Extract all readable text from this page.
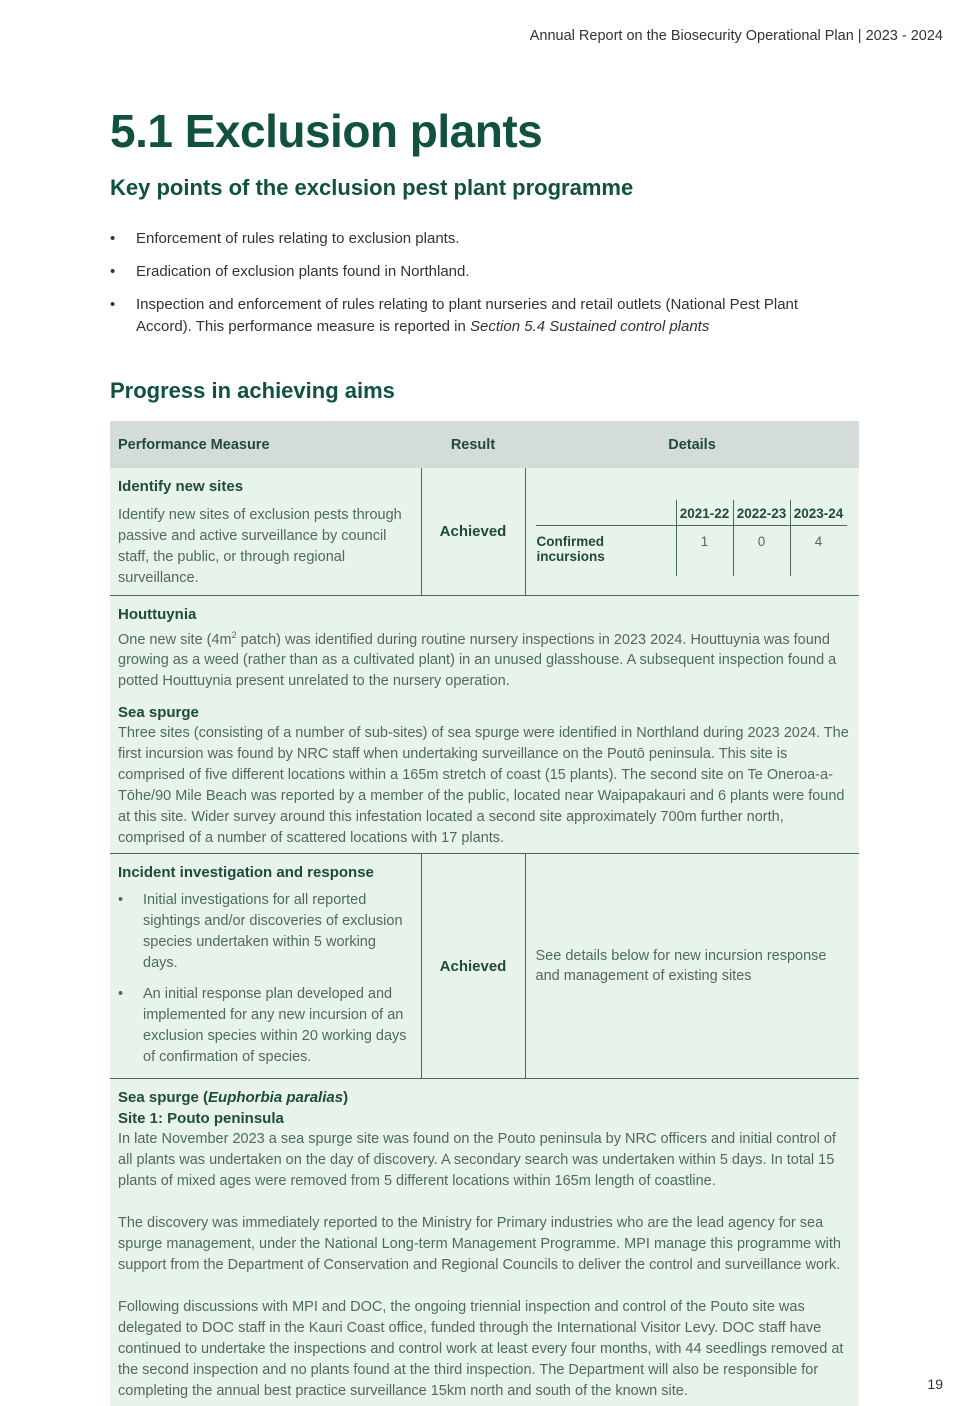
Annual Report on the Biosecurity Operational Plan | 2023 - 2024
5.1 Exclusion plants
Key points of the exclusion pest plant programme
• Enforcement of rules relating to exclusion plants.
• Eradication of exclusion plants found in Northland.
• Inspection and enforcement of rules relating to plant nurseries and retail outlets (National Pest Plant Accord). This performance measure is reported in Section 5.4 Sustained control plants
Progress in achieving aims
Performance Measure	Result	Details

Identify new sites
Identify new sites of exclusion pests through passive and active surveillance by council staff, the public, or through regional surveillance.
	Achieved	
	2021-22	2022-23	2023-24
Confirmed incursions	1	0	4

Houttuynia

One new site ($4m^2$ patch) was identified during routine nursery inspections in 2023 2024. Houttuynia was found growing as a weed (rather than as a cultivated plant) in an unused glasshouse. A subsequent inspection found a potted Houttuynia present unrelated to the nursery operation.

Sea spurge

Three sites (consisting of a number of sub-sites) of sea spurge were identified in Northland during 2023 2024. The first incursion was found by NRC staff when undertaking surveillance on the Poutō peninsula. This site is comprised of five different locations within a 165m stretch of coast (15 plants). The second site on Te Oneroa-a-Tōhe/90 Mile Beach was reported by a member of the public, located near Waipapakauri and 6 plants were found at this site. Wider survey around this infestation located a second site approximately 700m further north, comprised of a number of scattered locations with 17 plants.

Incident investigation and response
• Initial investigations for all reported sightings and/or discoveries of exclusion species undertaken within 5 working days.
• An initial response plan developed and implemented for any new incursion of an exclusion species within 20 working days of confirmation of species.
	Achieved	
See details below for new incursion response and management of existing sites

Sea spurge (Euphorbia paralias)

Site 1: Pouto peninsula

In late November 2023 a sea spurge site was found on the Pouto peninsula by NRC officers and initial control of all plants was undertaken on the day of discovery. A secondary search was undertaken within 5 days. In total 15 plants of mixed ages were removed from 5 different locations within 165m length of coastline.

The discovery was immediately reported to the Ministry for Primary industries who are the lead agency for sea spurge management, under the National Long-term Management Programme. MPI manage this programme with support from the Department of Conservation and Regional Councils to deliver the control and surveillance work.

Following discussions with MPI and DOC, the ongoing triennial inspection and control of the Pouto site was delegated to DOC staff in the Kauri Coast office, funded through the International Visitor Levy. DOC staff have continued to undertake the inspections and control work at least every four months, with 44 seedlings removed at the second inspection and no plants found at the third inspection. The Department will also be responsible for completing the annual best practice surveillance 15km north and south of the known site.	19
